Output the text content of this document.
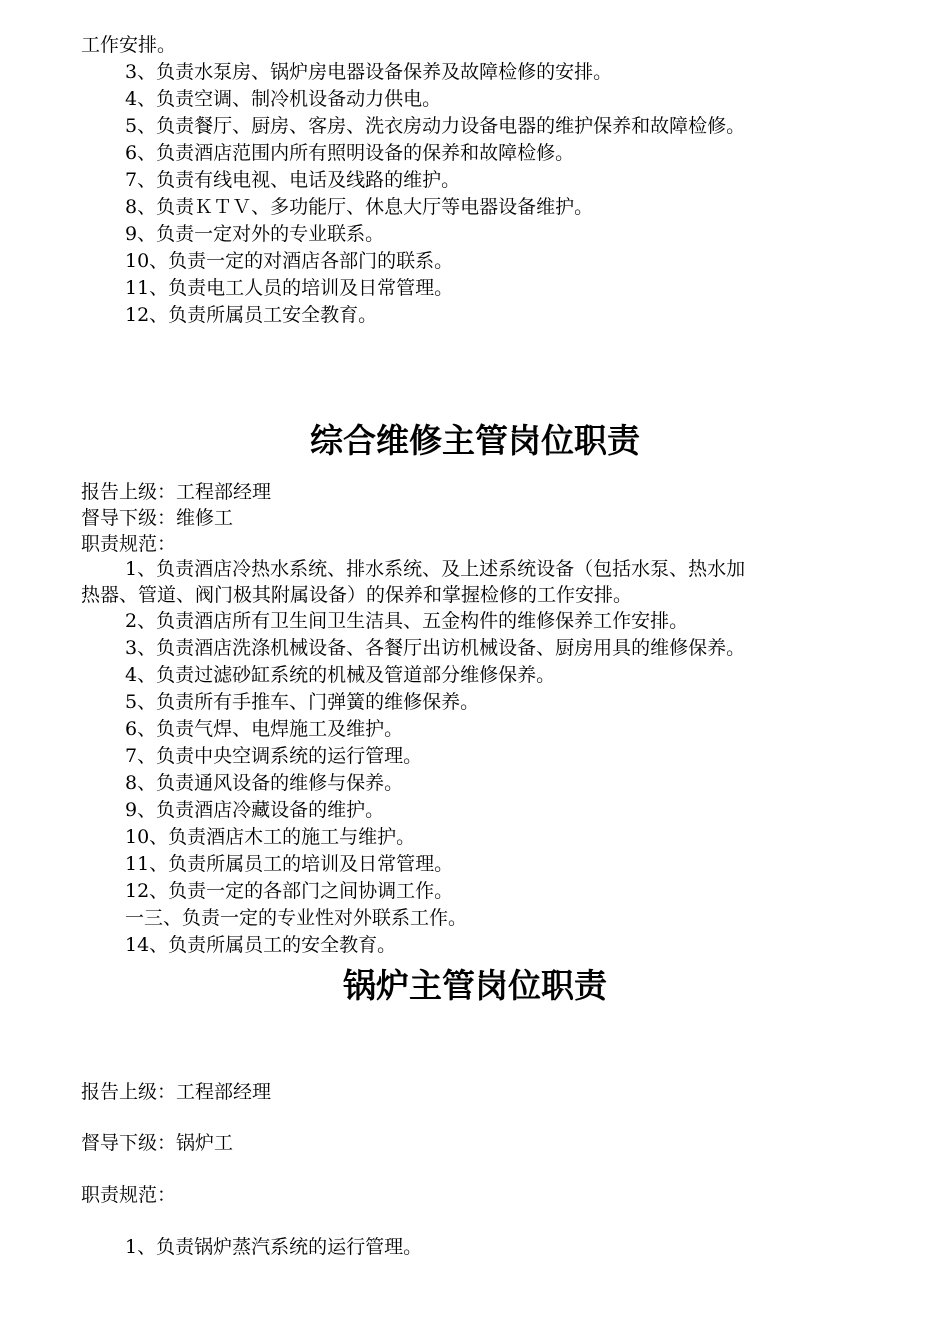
工作安排。
3、负责水泵房、锅炉房电器设备保养及故障检修的安排。
4、负责空调、制冷机设备动力供电。
5、负责餐厅、厨房、客房、洗衣房动力设备电器的维护保养和故障检修。
6、负责酒店范围内所有照明设备的保养和故障检修。
7、负责有线电视、电话及线路的维护。
8、负责ＫＴＶ、多功能厅、休息大厅等电器设备维护。
9、负责一定对外的专业联系。
10、负责一定的对酒店各部门的联系。
11、负责电工人员的培训及日常管理。
12、负责所属员工安全教育。
综合维修主管岗位职责
报告上级：工程部经理
督导下级：维修工
职责规范：
1、负责酒店冷热水系统、排水系统、及上述系统设备（包括水泵、热水加
热器、管道、阀门极其附属设备）的保养和掌握检修的工作安排。
2、负责酒店所有卫生间卫生洁具、五金构件的维修保养工作安排。
3、负责酒店洗涤机械设备、各餐厅出访机械设备、厨房用具的维修保养。
4、负责过滤砂缸系统的机械及管道部分维修保养。
5、负责所有手推车、门弹簧的维修保养。
6、负责气焊、电焊施工及维护。
7、负责中央空调系统的运行管理。
8、负责通风设备的维修与保养。
9、负责酒店冷藏设备的维护。
10、负责酒店木工的施工与维护。
11、负责所属员工的培训及日常管理。
12、负责一定的各部门之间协调工作。
一三、负责一定的专业性对外联系工作。
14、负责所属员工的安全教育。
锅炉主管岗位职责
报告上级：工程部经理
督导下级：锅炉工
职责规范：
1、负责锅炉蒸汽系统的运行管理。
